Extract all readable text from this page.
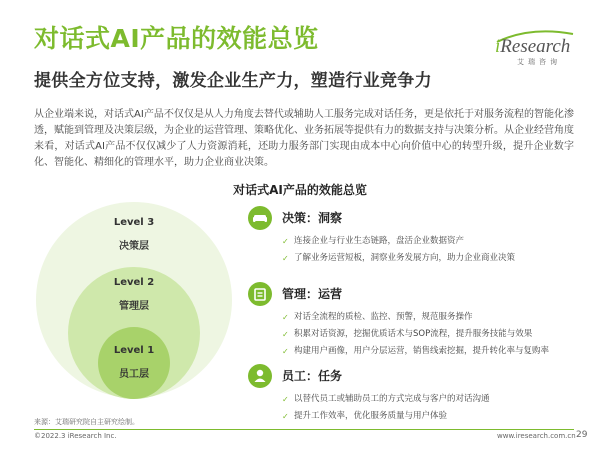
对话式AI产品的效能总览
提供全方位支持，激发企业生产力，塑造行业竞争力
iResearch
艾瑞咨询
从企业端来说，对话式AI产品不仅仅是从人力角度去替代或辅助人工服务完成对话任务，更是依托于对服务流程的智能化渗透，赋能到管理及决策层级，为企业的运营管理、策略优化、业务拓展等提供有力的数据支持与决策分析。从企业经营角度来看，对话式AI产品不仅仅减少了人力资源消耗，还助力服务部门实现由成本中心向价值中心的转型升级，提升企业数字化、智能化、精细化的管理水平，助力企业商业决策。
对话式AI产品的效能总览
Level 3
决策层
Level 2
管理层
Level 1
员工层
决策：洞察
✓ 连接企业与行业生态链路，盘活企业数据资产
✓ 了解业务运营短板，洞察业务发展方向，助力企业商业决策
管理：运营
✓ 对话全流程的质检、监控、预警，规范服务操作
✓ 积累对话资源，挖掘优质话术与SOP流程，提升服务技能与效果
✓ 构建用户画像，用户分层运营，销售线索挖掘，提升转化率与复购率
员工：任务
✓ 以替代员工或辅助员工的方式完成与客户的对话沟通
✓ 提升工作效率，优化服务质量与用户体验
来源：艾瑞研究院自主研究绘制。
©2022.3 iResearch Inc.	www.iresearch.com.cn 29
